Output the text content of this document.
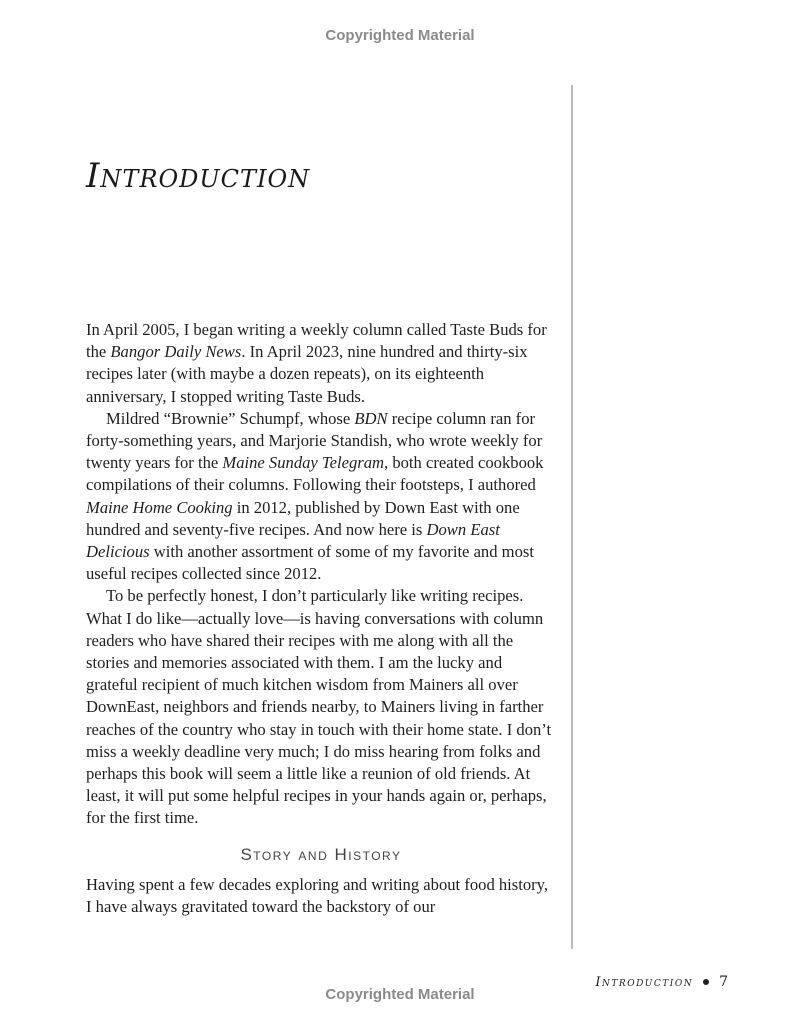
Copyrighted Material
Introduction

In April 2005, I began writing a weekly column called Taste Buds for the Bangor Daily News. In April 2023, nine hundred and thirty-six recipes later (with maybe a dozen repeats), on its eighteenth anniversary, I stopped writing Taste Buds.

Mildred “Brownie” Schumpf, whose BDN recipe column ran for forty-something years, and Marjorie Standish, who wrote weekly for twenty years for the Maine Sunday Telegram, both created cookbook compilations of their columns. Following their footsteps, I authored Maine Home Cooking in 2012, published by Down East with one hundred and seventy-five recipes. And now here is Down East Delicious with another assortment of some of my favorite and most useful recipes collected since 2012.

To be perfectly honest, I don’t particularly like writing recipes. What I do like—actually love—is having conversations with column readers who have shared their recipes with me along with all the stories and memories associated with them. I am the lucky and grateful recipient of much kitchen wisdom from Mainers all over DownEast, neighbors and friends nearby, to Mainers living in farther reaches of the country who stay in touch with their home state. I don’t miss a weekly deadline very much; I do miss hearing from folks and perhaps this book will seem a little like a reunion of old friends. At least, it will put some helpful recipes in your hands again or, perhaps, for the first time.

Story and History

Having spent a few decades exploring and writing about food history, I have always gravitated toward the backstory of our

Introduction 7
Copyrighted Material
